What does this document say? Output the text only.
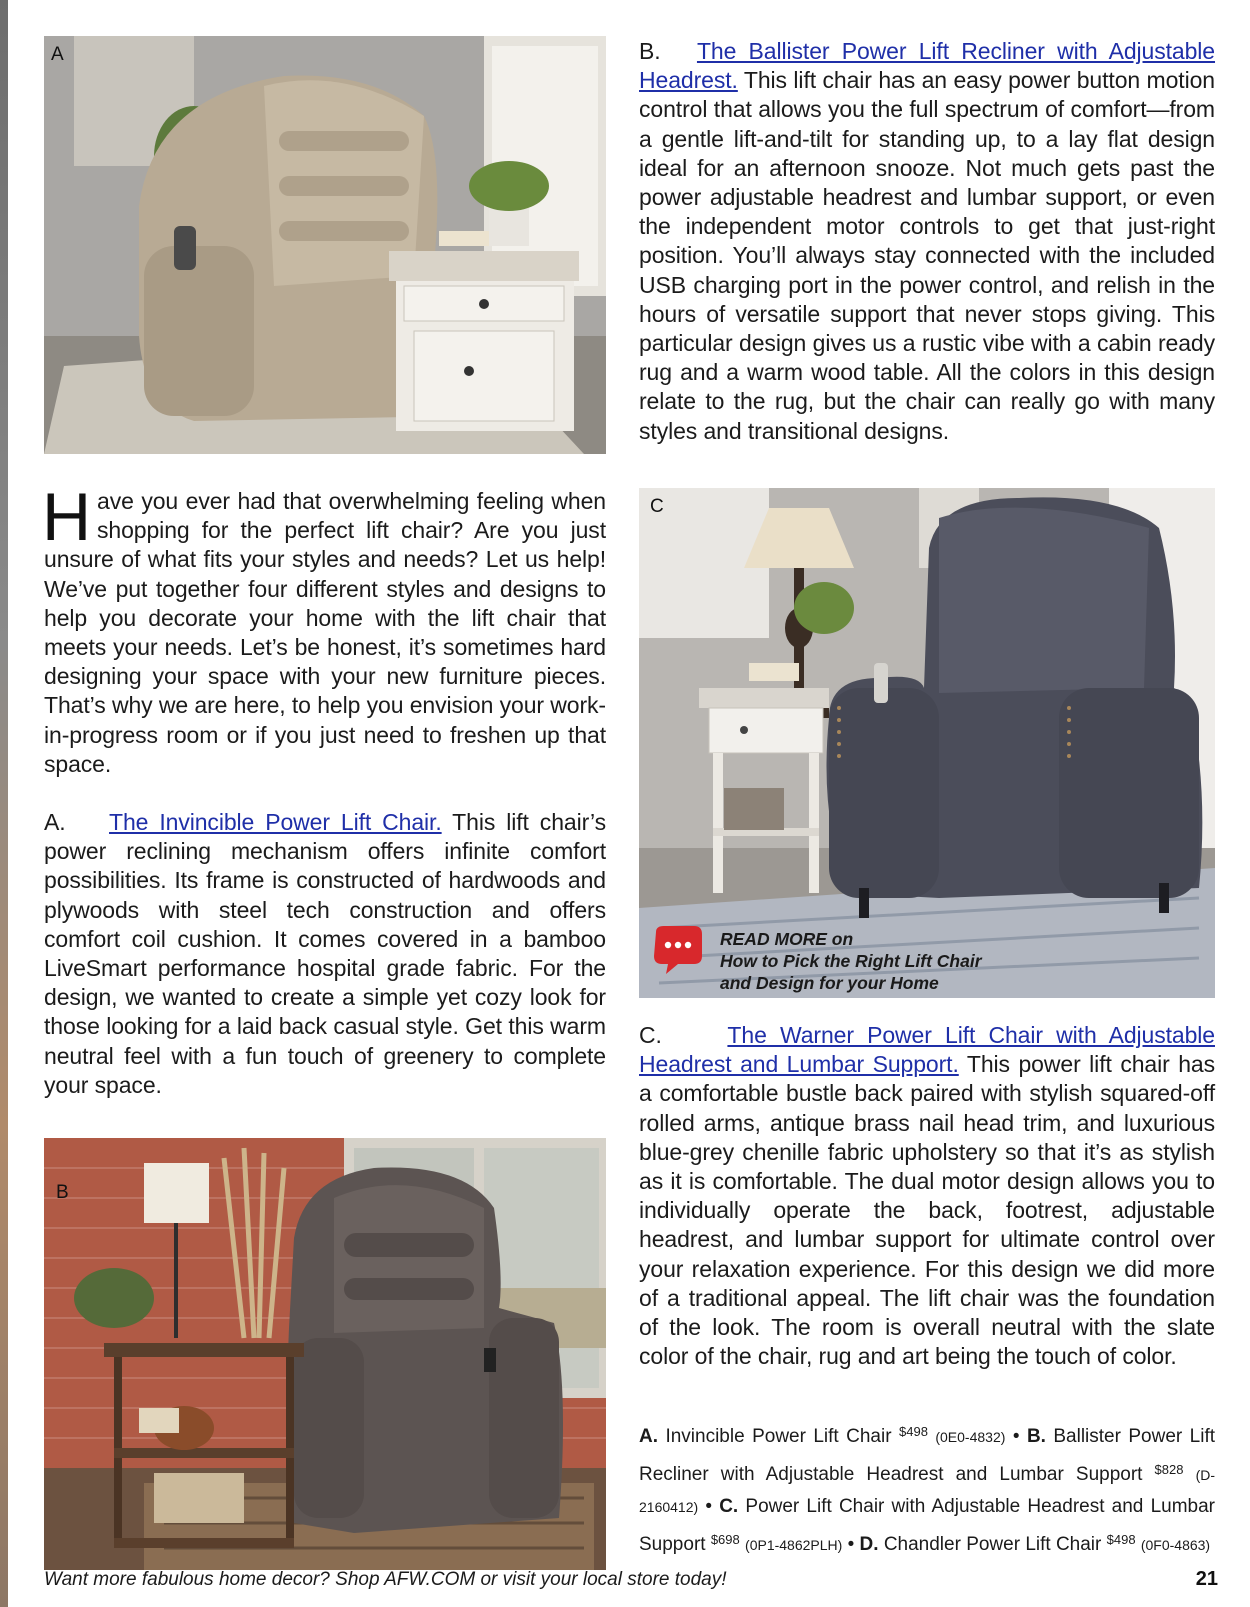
A
B
C
READ MORE on
How to Pick the Right Lift Chair
and Design for your Home
B. The Ballister Power Lift Recliner with Adjustable Headrest. This lift chair has an easy power button motion control that allows you the full spectrum of comfort—from a gentle lift-and-tilt for standing up, to a lay flat design ideal for an afternoon snooze. Not much gets past the power adjustable headrest and lumbar support, or even the independent motor controls to get that just-right position. You’ll always stay connected with the included USB charging port in the power control, and relish in the hours of versatile support that never stops giving. This particular design gives us a rustic vibe with a cabin ready rug and a warm wood table. All the colors in this design relate to the rug, but the chair can really go with many styles and transitional designs.
Have you ever had that overwhelming feeling when shopping for the perfect lift chair? Are you just unsure of what fits your styles and needs? Let us help! We’ve put together four different styles and designs to help you decorate your home with the lift chair that meets your needs. Let’s be honest, it’s sometimes hard designing your space with your new furniture pieces. That’s why we are here, to help you envision your work-in-progress room or if you just need to freshen up that space.
A. The Invincible Power Lift Chair. This lift chair’s power reclining mechanism offers infinite comfort possibilities. Its frame is constructed of hardwoods and plywoods with steel tech construction and offers comfort coil cushion. It comes covered in a bamboo LiveSmart performance hospital grade fabric. For the design, we wanted to create a simple yet cozy look for those looking for a laid back casual style. Get this warm neutral feel with a fun touch of greenery to complete your space.
C.	The Warner Power Lift Chair with Adjustable Headrest and Lumbar Support. This power lift chair has a comfortable bustle back paired with stylish squared-off rolled arms, antique brass nail head trim, and luxurious blue-grey chenille fabric upholstery so that it’s as stylish as it is comfortable. The dual motor design allows you to individually operate the back, footrest, adjustable headrest, and lumbar support for ultimate control over your relaxation experience. For this design we did more of a traditional appeal. The lift chair was the foundation of the look. The room is overall neutral with the slate color of the chair, rug and art being the touch of color.
A. Invincible Power Lift Chair $^{\$498}$ (0E0-4832) • B. Ballister Power Lift Recliner with Adjustable Headrest and Lumbar Support $^{\$828}$ (D-2160412) • C. Power Lift Chair with Adjustable Headrest and Lumbar Support $^{\$698}$ (0P1-4862PLH) • D. Chandler Power Lift Chair $^{\$498}$ (0F0-4863)
Want more fabulous home decor? Shop AFW.COM or visit your local store today!	21
